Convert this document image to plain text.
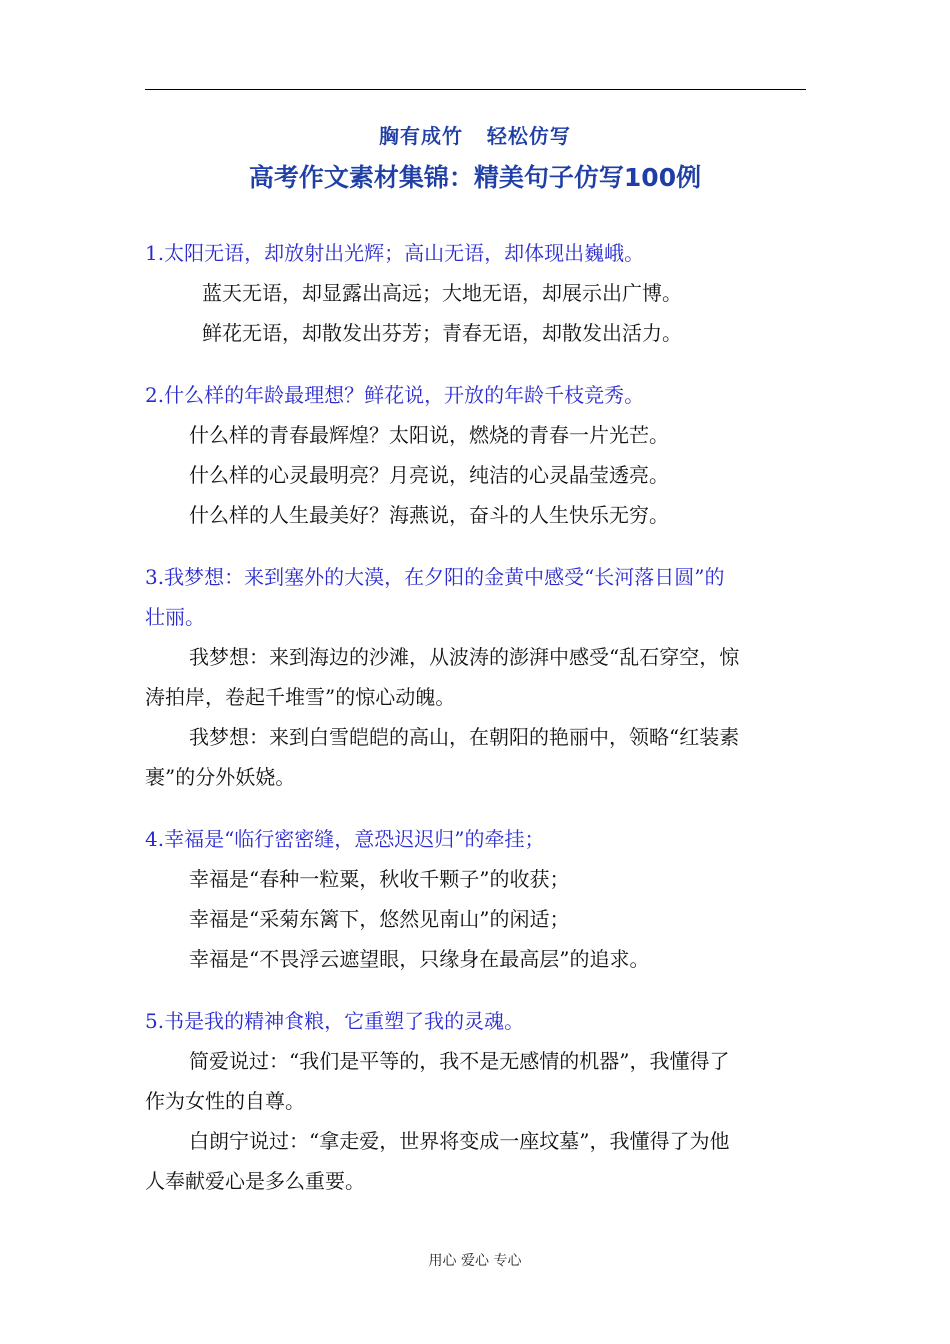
胸有成竹   轻松仿写
高考作文素材集锦：精美句子仿写100例

1.太阳无语，却放射出光辉；高山无语，却体现出巍峨。

蓝天无语，却显露出高远；大地无语，却展示出广博。

鲜花无语，却散发出芬芳；青春无语，却散发出活力。

2.什么样的年龄最理想？鲜花说，开放的年龄千枝竞秀。

什么样的青春最辉煌？太阳说，燃烧的青春一片光芒。

什么样的心灵最明亮？月亮说，纯洁的心灵晶莹透亮。

什么样的人生最美好？海燕说，奋斗的人生快乐无穷。

3.我梦想：来到塞外的大漠，在夕阳的金黄中感受“长河落日圆”的

壮丽。

我梦想：来到海边的沙滩，从波涛的澎湃中感受“乱石穿空，惊

涛拍岸，卷起千堆雪”的惊心动魄。

我梦想：来到白雪皑皑的高山，在朝阳的艳丽中，领略“红装素

裹”的分外妖娆。

4.幸福是“临行密密缝，意恐迟迟归”的牵挂；

幸福是“春种一粒粟，秋收千颗子”的收获；

幸福是“采菊东篱下，悠然见南山”的闲适；

幸福是“不畏浮云遮望眼，只缘身在最高层”的追求。

5.书是我的精神食粮，它重塑了我的灵魂。

简爱说过：“我们是平等的，我不是无感情的机器”，我懂得了

作为女性的自尊。

白朗宁说过：“拿走爱，世界将变成一座坟墓”，我懂得了为他

人奉献爱心是多么重要。

用心 爱心 专心
